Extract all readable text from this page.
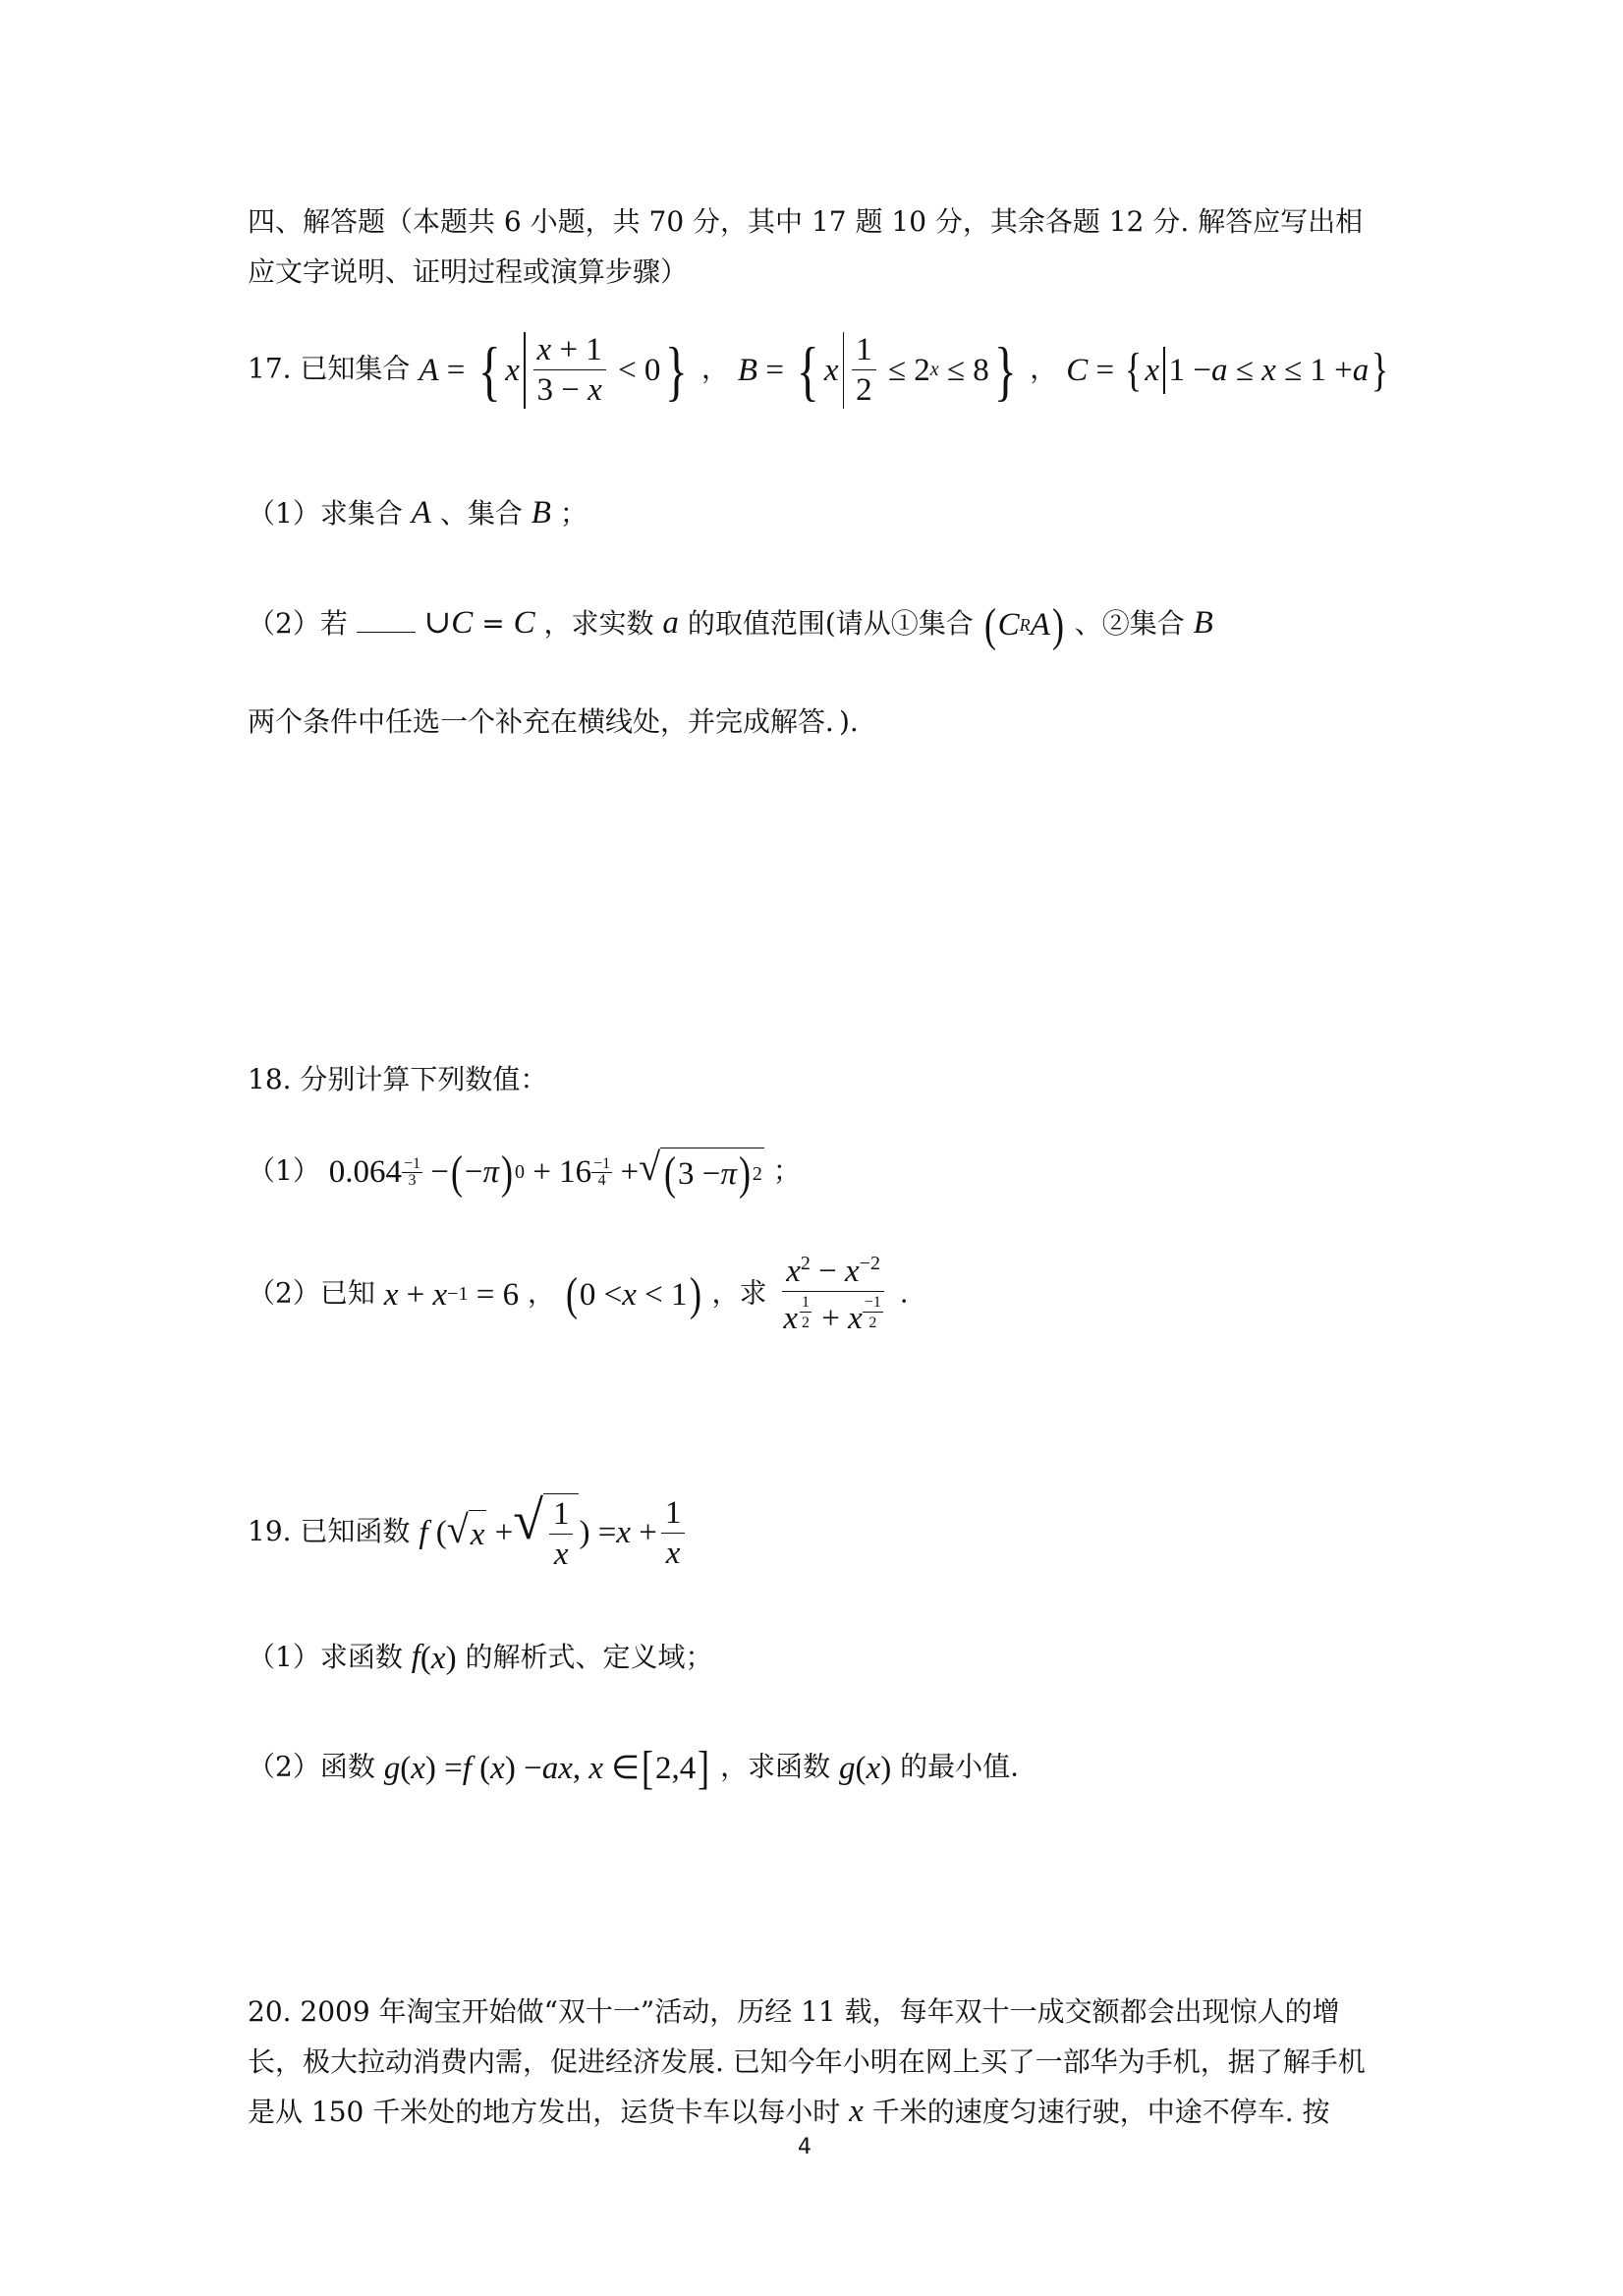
四、解答题（本题共 6 小题，共 70 分，其中 17 题 10 分，其余各题 12 分. 解答应写出相应文字说明、证明过程或演算步骤）
17. 已知集合 A = { x $\frac{x + 1}{3 - x} < 0$ } ， B = { x $\frac{1}{2} \le 2$ x ≤ 8 } ， C = { x 1 − a ≤ x ≤ 1 + a }
（1）求集合 A 、集合 B ；
（2）若 ∪C = C ，求实数 a 的取值范围(请从①集合 ( C R A ) 、②集合 B
两个条件中任选一个补充在横线处，并完成解答．).
18. 分别计算下列数值：
（1） $0.064 \frac{-1}{3}$ − ( − π ) $0 + 16 \frac{-1}{4}$ + √ ( 3 − π ) 2 ；
（2）已知 x + x −1 = 6 ， ( 0 < x < 1 ) ，求 $\frac{x^2 - x^{-2}}{x \frac{1}{2} + x \frac{-1}{2}}$ .
19. 已知函数 f ( √ x + √ $\frac{1}{x}$ ) = $x + \frac{1}{x}$
（1）求函数 f( x ) 的解析式、定义域；
（2）函数 g ( x ) = f ( x ) − ax , x ∈ [ 2,4 ] ，求函数 g ( x ) 的最小值.
20. 2009 年淘宝开始做“双十一”活动，历经 11 载，每年双十一成交额都会出现惊人的增长，极大拉动消费内需，促进经济发展. 已知今年小明在网上买了一部华为手机，据了解手机是从 150 千米处的地方发出，运货卡车以每小时 x 千米的速度匀速行驶，中途不停车. 按
4
